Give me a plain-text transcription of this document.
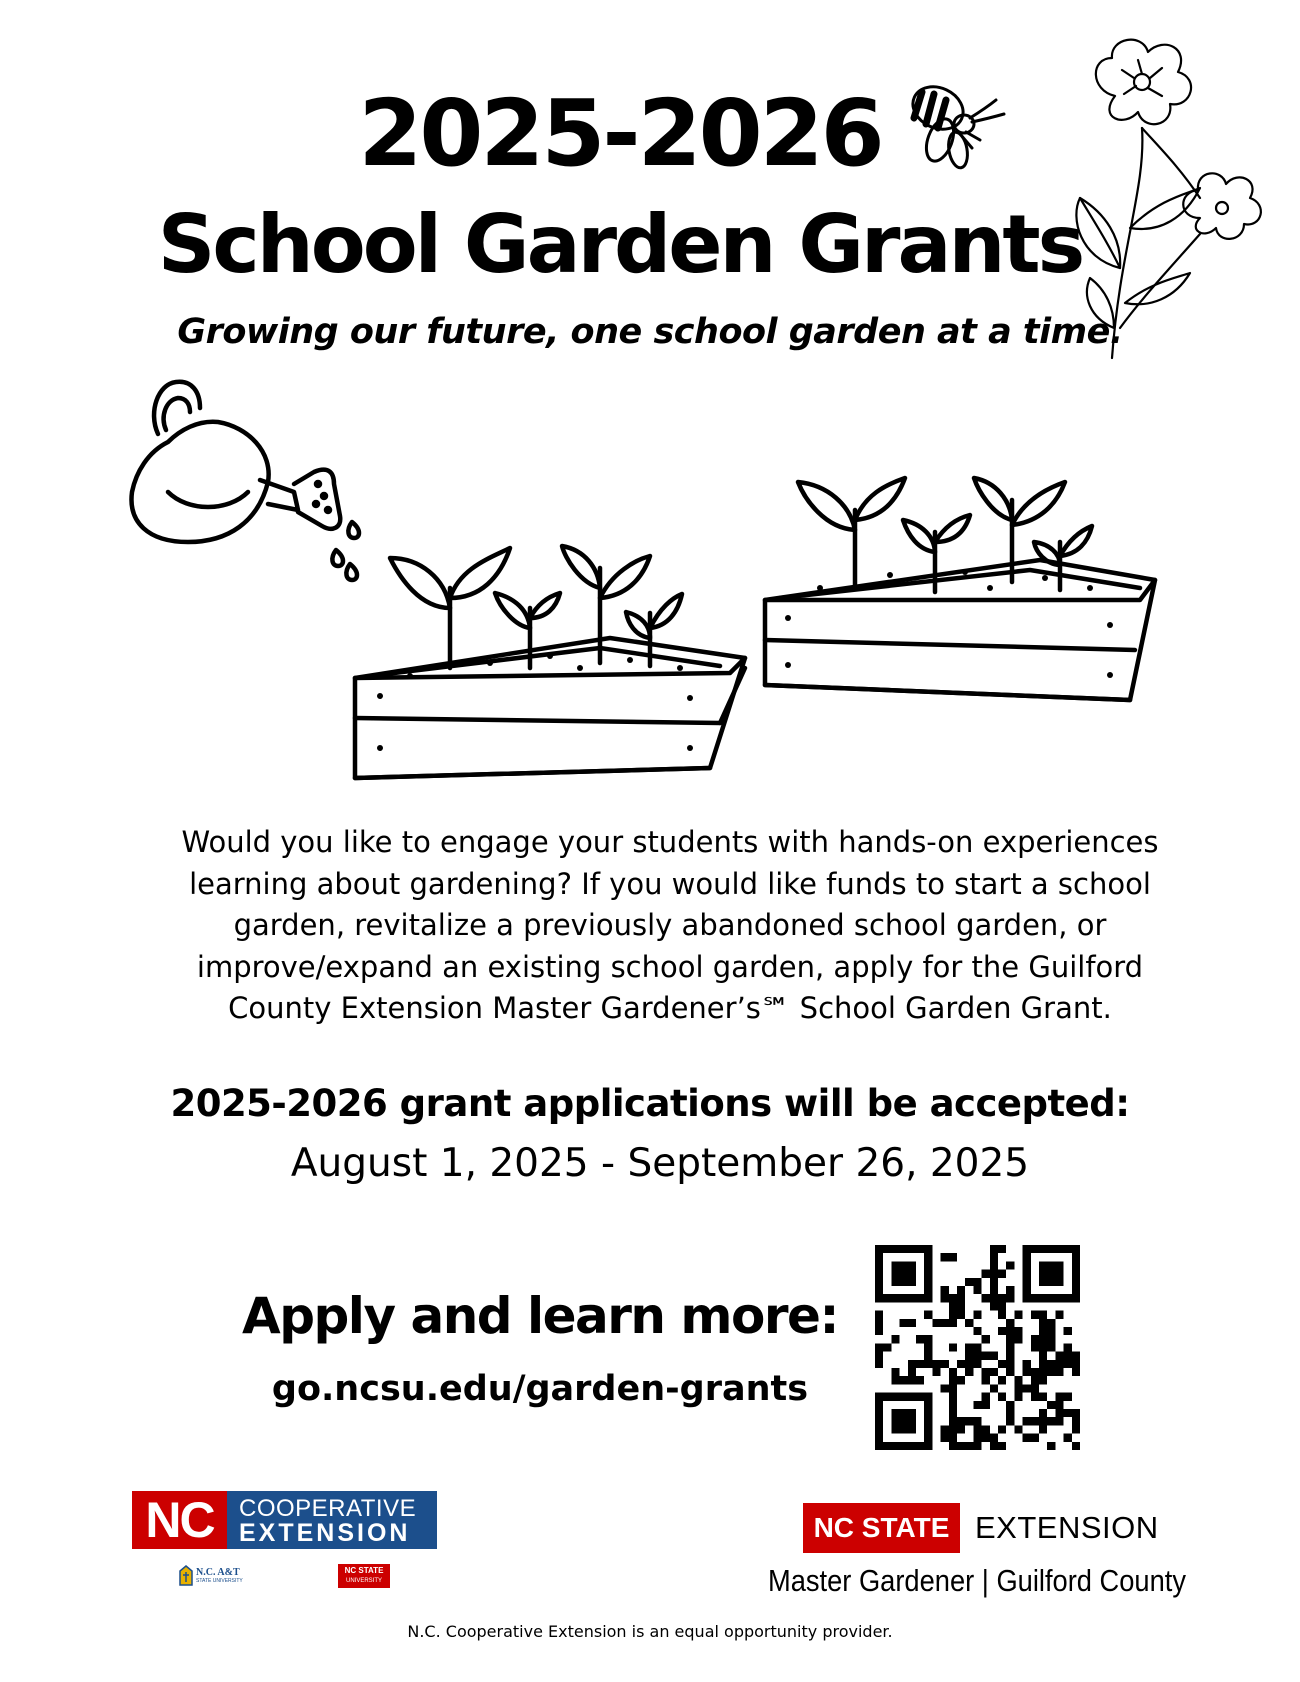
2025-2026
School Garden Grants
Growing our future, one school garden at a time.

Would you like to engage your students with hands-on experiences

learning about gardening? If you would like funds to start a school

garden, revitalize a previously abandoned school garden, or

improve/expand an existing school garden, apply for the Guilford

County Extension Master Gardener’s℠ School Garden Grant.

2025-2026 grant applications will be accepted:
August 1, 2025 - September 26, 2025
Apply and learn more:
go.ncsu.edu/garden-grants
NC	COOPERATIVE
EXTENSION
N.C. A&T
STATE UNIVERSITY
NC STATE
UNIVERSITY
NC STATE EXTENSION
Master Gardener | Guilford County
N.C. Cooperative Extension is an equal opportunity provider.
